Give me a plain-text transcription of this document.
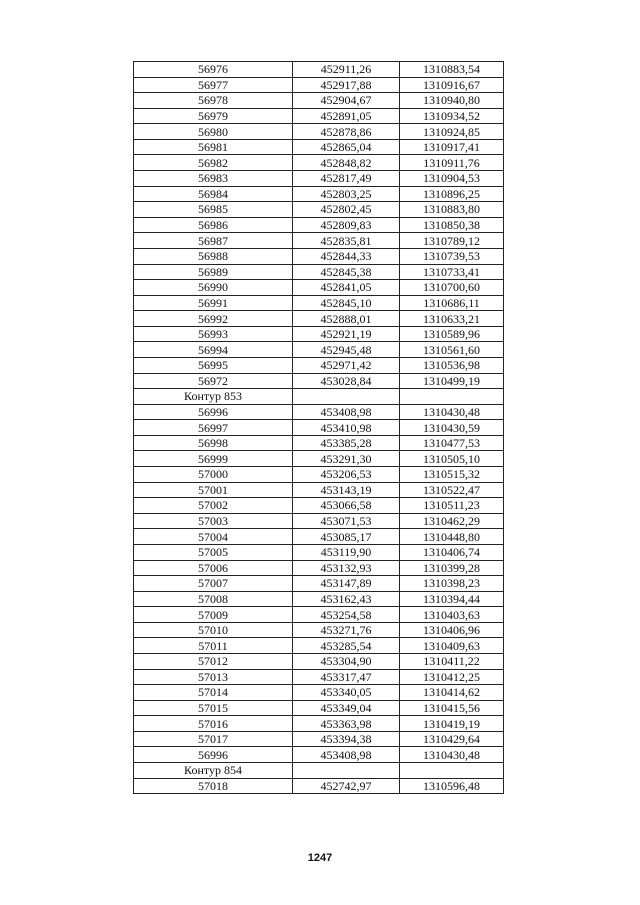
56976	452911,26	1310883,54
56977	452917,88	1310916,67
56978	452904,67	1310940,80
56979	452891,05	1310934,52
56980	452878,86	1310924,85
56981	452865,04	1310917,41
56982	452848,82	1310911,76
56983	452817,49	1310904,53
56984	452803,25	1310896,25
56985	452802,45	1310883,80
56986	452809,83	1310850,38
56987	452835,81	1310789,12
56988	452844,33	1310739,53
56989	452845,38	1310733,41
56990	452841,05	1310700,60
56991	452845,10	1310686,11
56992	452888,01	1310633,21
56993	452921,19	1310589,96
56994	452945,48	1310561,60
56995	452971,42	1310536,98
56972	453028,84	1310499,19
Контур 853		
56996	453408,98	1310430,48
56997	453410,98	1310430,59
56998	453385,28	1310477,53
56999	453291,30	1310505,10
57000	453206,53	1310515,32
57001	453143,19	1310522,47
57002	453066,58	1310511,23
57003	453071,53	1310462,29
57004	453085,17	1310448,80
57005	453119,90	1310406,74
57006	453132,93	1310399,28
57007	453147,89	1310398,23
57008	453162,43	1310394,44
57009	453254,58	1310403,63
57010	453271,76	1310406,96
57011	453285,54	1310409,63
57012	453304,90	1310411,22
57013	453317,47	1310412,25
57014	453340,05	1310414,62
57015	453349,04	1310415,56
57016	453363,98	1310419,19
57017	453394,38	1310429,64
56996	453408,98	1310430,48
Контур 854		
57018	452742,97	1310596,48
1247
